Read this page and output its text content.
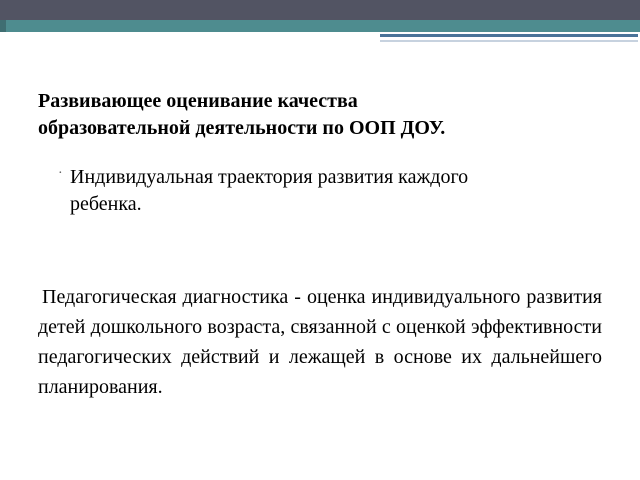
Развивающее оценивание качества
образовательной деятельности по ООП ДОУ.
· Индивидуальная траектория развития каждого
ребенка.

Педагогическая диагностика - оценка индивидуального развития детей дошкольного возраста, связанной с оценкой эффективности педагогических действий и лежащей в основе их дальнейшего планирования.
